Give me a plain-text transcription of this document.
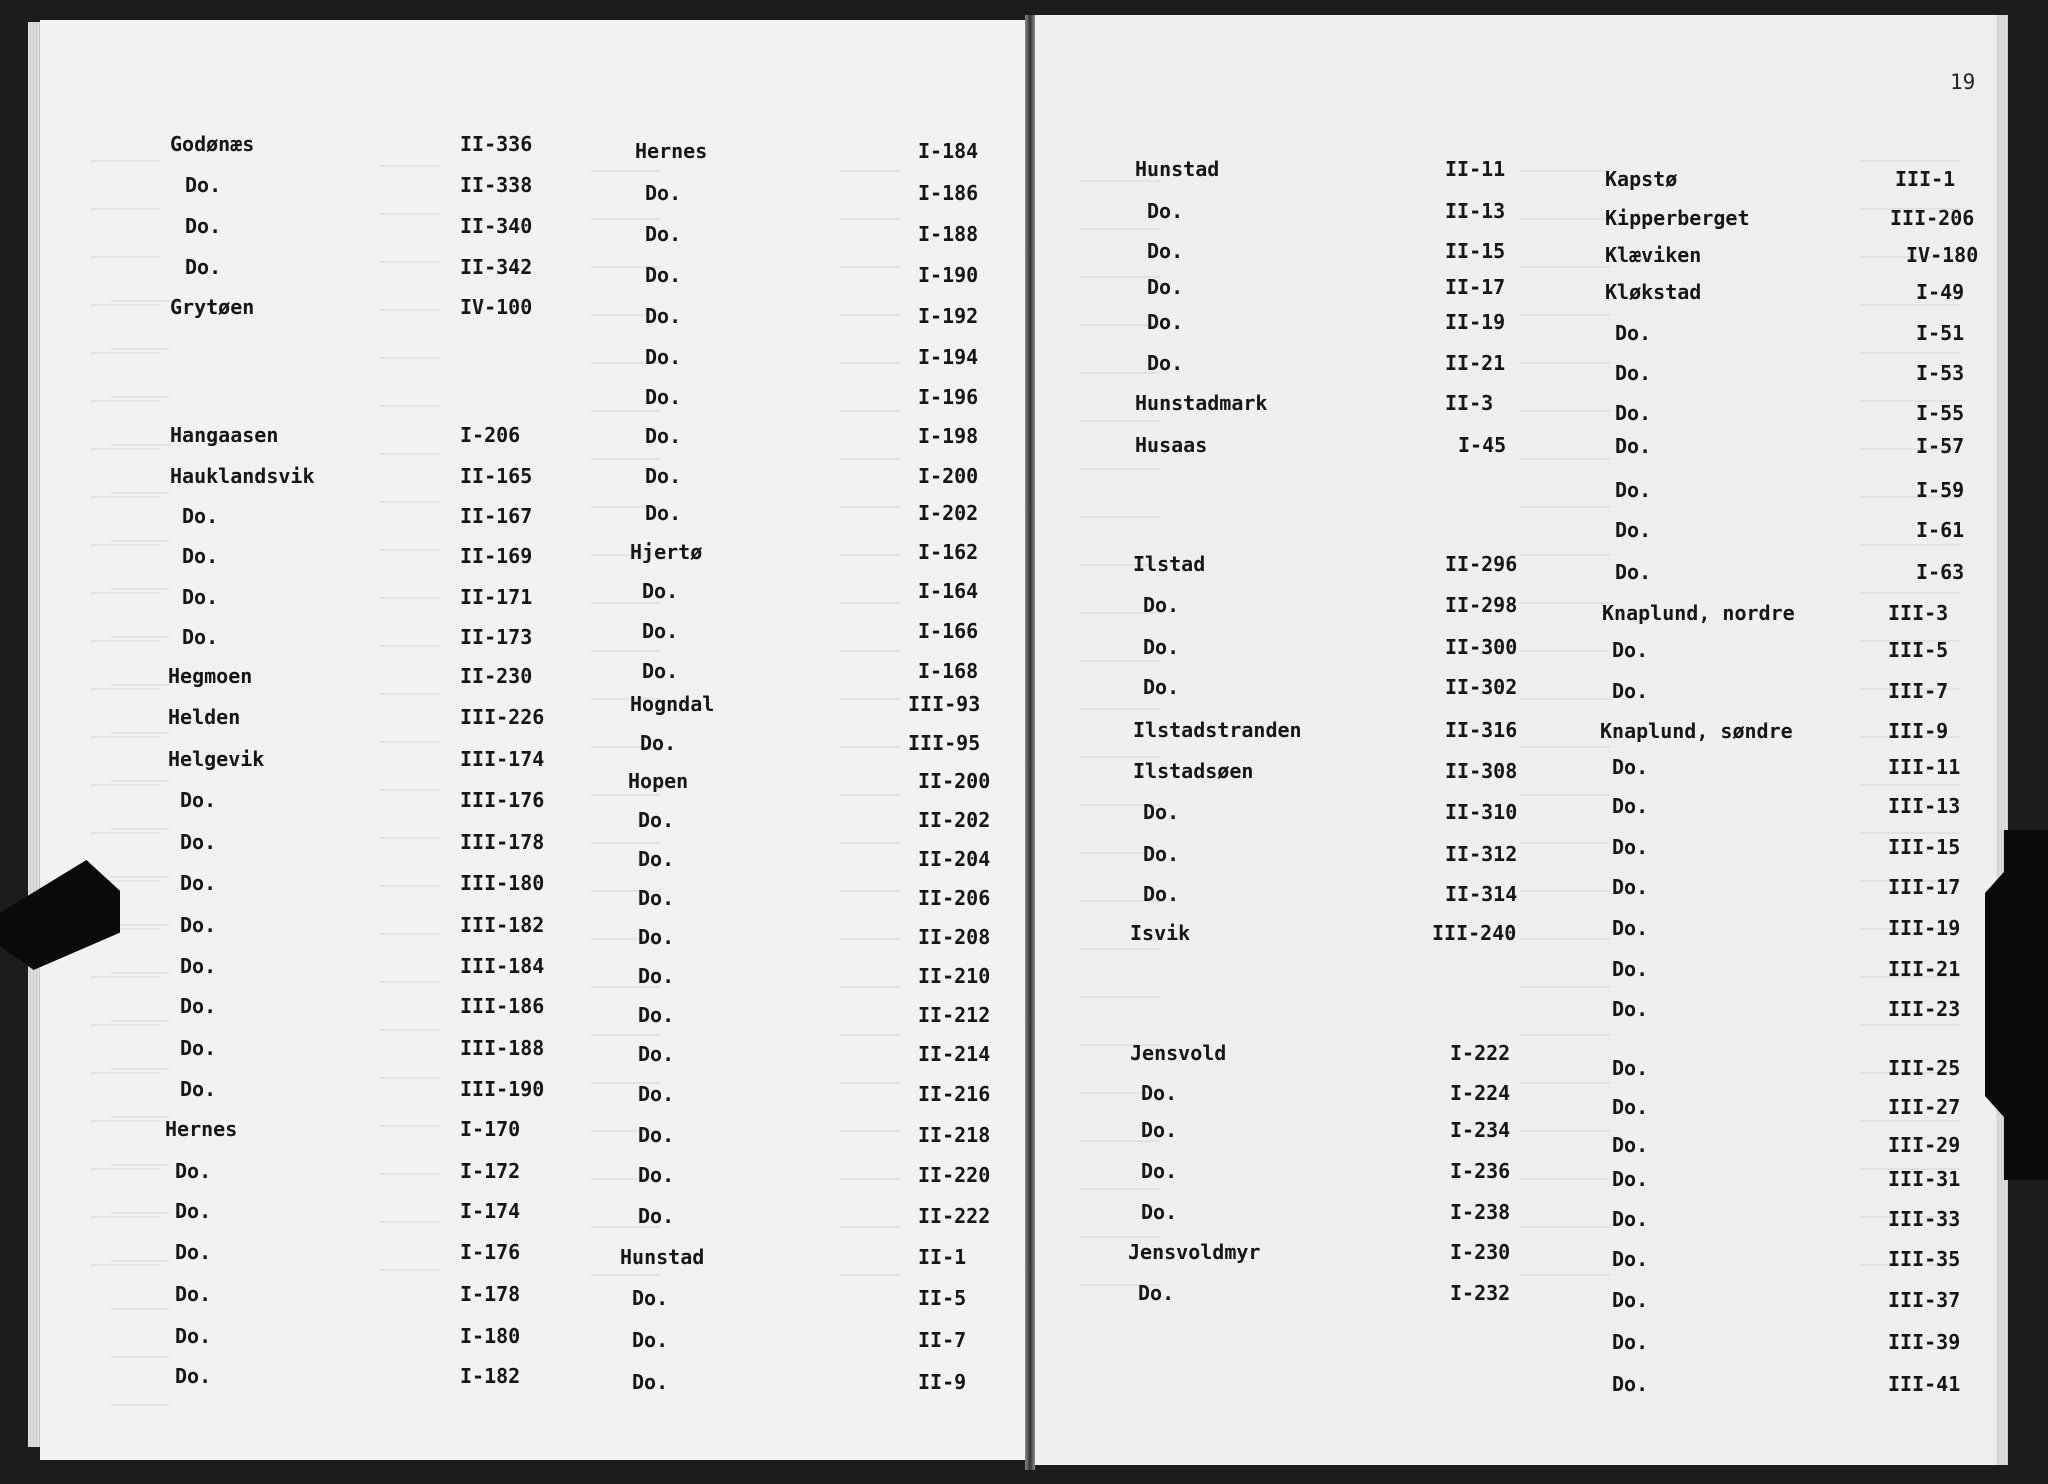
19
Godønæs	II-336
Do.	II-338
Do.	II-340
Do.	II-342
Grytøen	IV-100
Hangaasen	I-206
Hauklandsvik	II-165
Do.	II-167
Do.	II-169
Do.	II-171
Do.	II-173
Hegmoen	II-230
Helden	III-226
Helgevik	III-174
Do.	III-176
Do.	III-178
Do.	III-180
Do.	III-182
Do.	III-184
Do.	III-186
Do.	III-188
Do.	III-190
Hernes	I-170
Do.	I-172
Do.	I-174
Do.	I-176
Do.	I-178
Do.	I-180
Do.	I-182
Hernes	I-184
Do.	I-186
Do.	I-188
Do.	I-190
Do.	I-192
Do.	I-194
Do.	I-196
Do.	I-198
Do.	I-200
Do.	I-202
Hjertø	I-162
Do.	I-164
Do.	I-166
Do.	I-168
Hogndal	III-93
Do.	III-95
Hopen	II-200
Do.	II-202
Do.	II-204
Do.	II-206
Do.	II-208
Do.	II-210
Do.	II-212
Do.	II-214
Do.	II-216
Do.	II-218
Do.	II-220
Do.	II-222
Hunstad	II-1
Do.	II-5
Do.	II-7
Do.	II-9
Hunstad	II-11
Do.	II-13
Do.	II-15
Do.	II-17
Do.	II-19
Do.	II-21
Hunstadmark	II-3
Husaas	I-45
Ilstad	II-296
Do.	II-298
Do.	II-300
Do.	II-302
Ilstadstranden	II-316
Ilstadsøen	II-308
Do.	II-310
Do.	II-312
Do.	II-314
Isvik	III-240
Jensvold	I-222
Do.	I-224
Do.	I-234
Do.	I-236
Do.	I-238
Jensvoldmyr	I-230
Do.	I-232
Kapstø	III-1
Kipperberget	III-206
Klæviken	IV-180
Kløkstad	I-49
Do.	I-51
Do.	I-53
Do.	I-55
Do.	I-57
Do.	I-59
Do.	I-61
Do.	I-63
Knaplund, nordre	III-3
Do.	III-5
Do.	III-7
Knaplund, søndre	III-9
Do.	III-11
Do.	III-13
Do.	III-15
Do.	III-17
Do.	III-19
Do.	III-21
Do.	III-23
Do.	III-25
Do.	III-27
Do.	III-29
Do.	III-31
Do.	III-33
Do.	III-35
Do.	III-37
Do.	III-39
Do.	III-41
